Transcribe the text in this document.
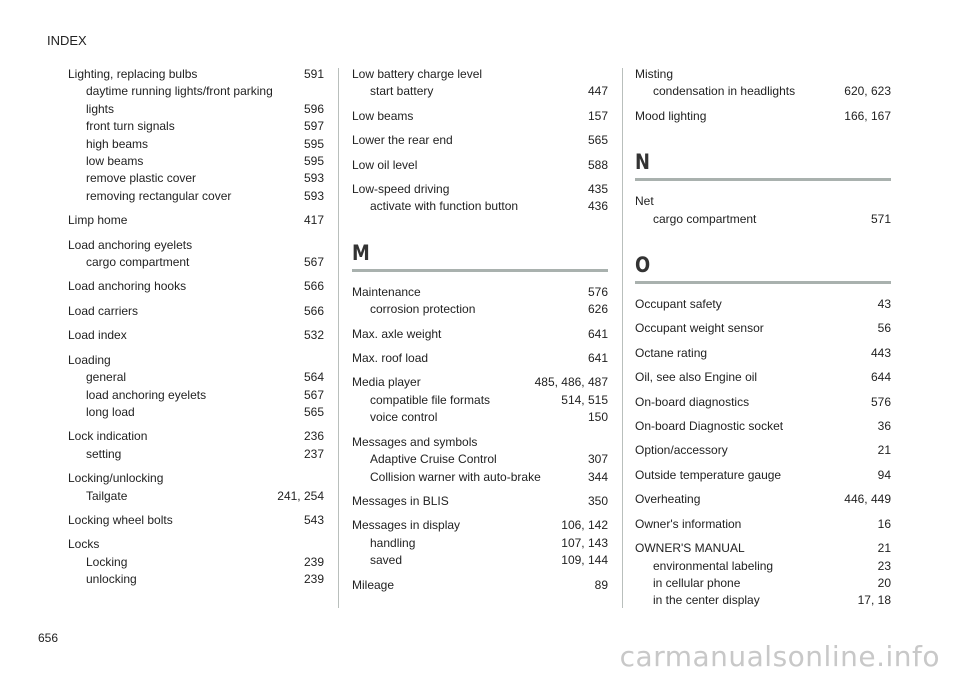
INDEX
Lighting, replacing bulbs	591
daytime running lights/front parking
lights	596
front turn signals	597
high beams	595
low beams	595
remove plastic cover	593
removing rectangular cover	593
Limp home	417
Load anchoring eyelets
cargo compartment	567
Load anchoring hooks	566
Load carriers	566
Load index	532
Loading
general	564
load anchoring eyelets	567
long load	565
Lock indication	236
setting	237
Locking/unlocking
Tailgate	241, 254
Locking wheel bolts	543
Locks
Locking	239
unlocking	239
Low battery charge level
start battery	447
Low beams	157
Lower the rear end	565
Low oil level	588
Low-speed driving	435
activate with function button	436
M
Maintenance	576
corrosion protection	626
Max. axle weight	641
Max. roof load	641
Media player	485, 486, 487
compatible file formats	514, 515
voice control	150
Messages and symbols
Adaptive Cruise Control	307
Collision warner with auto-brake	344
Messages in BLIS	350
Messages in display	106, 142
handling	107, 143
saved	109, 144
Mileage	89
Misting
condensation in headlights	620, 623
Mood lighting	166, 167
N
Net
cargo compartment	571
O
Occupant safety	43
Occupant weight sensor	56
Octane rating	443
Oil, see also Engine oil	644
On-board diagnostics	576
On-board Diagnostic socket	36
Option/accessory	21
Outside temperature gauge	94
Overheating	446, 449
Owner's information	16
OWNER'S MANUAL	21
environmental labeling	23
in cellular phone	20
in the center display	17, 18
656
carmanualsonline.info
